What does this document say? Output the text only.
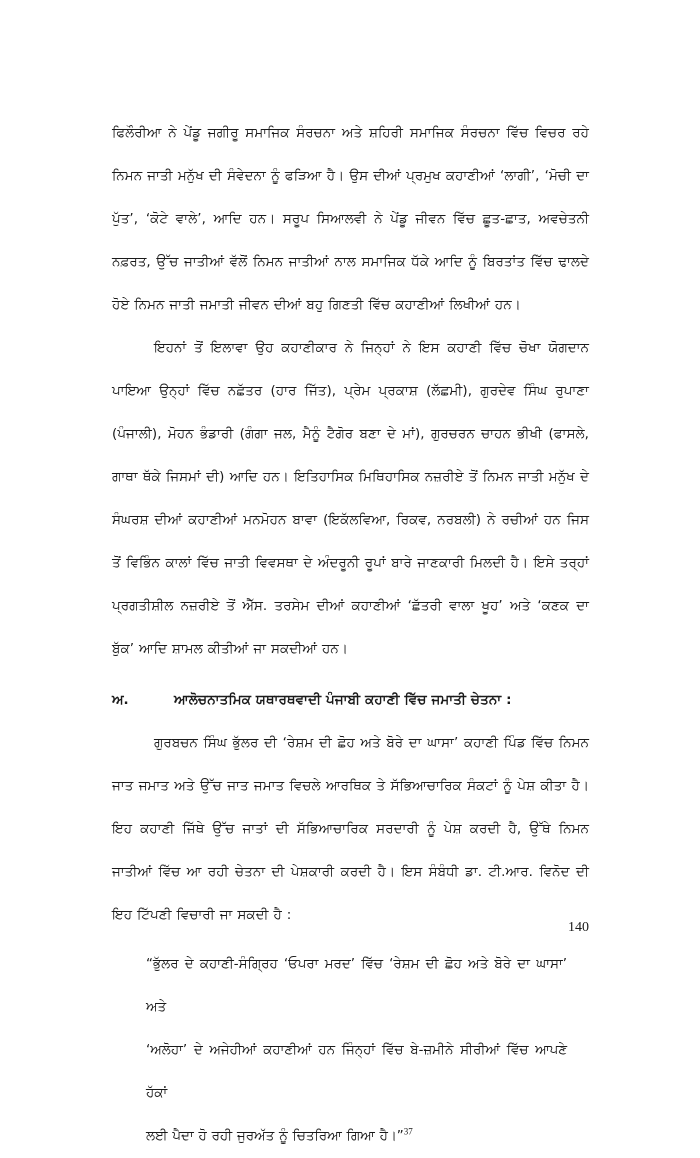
ਫਿਲੌਰੀਆ ਨੇ ਪੇਂਡੂ ਜਗੀਰੂ ਸਮਾਜਿਕ ਸੰਰਚਨਾ ਅਤੇ ਸ਼ਹਿਰੀ ਸਮਾਜਿਕ ਸੰਰਚਨਾ ਵਿੱਚ ਵਿਚਰ ਰਹੇ ਨਿਮਨ ਜਾਤੀ ਮਨੁੱਖ ਦੀ ਸੰਵੇਦਨਾ ਨੂੰ ਫੜਿਆ ਹੈ। ਉਸ ਦੀਆਂ ਪ੍ਰਮੁਖ ਕਹਾਣੀਆਂ ‘ਲਾਗੀ’, ‘ਮੋਚੀ ਦਾ ਪੁੱਤ’, ‘ਕੋਟੇ ਵਾਲੇ’, ਆਦਿ ਹਨ। ਸਰੂਪ ਸਿਆਲਵੀ ਨੇ ਪੇਂਡੂ ਜੀਵਨ ਵਿੱਚ ਛੂਤ-ਛਾਤ, ਅਵਚੇਤਨੀ ਨਫ਼ਰਤ, ਉੱਚ ਜਾਤੀਆਂ ਵੱਲੋਂ ਨਿਮਨ ਜਾਤੀਆਂ ਨਾਲ ਸਮਾਜਿਕ ਧੱਕੇ ਆਦਿ ਨੂੰ ਬਿਰਤਾਂਤ ਵਿੱਚ ਢਾਲਦੇ ਹੋਏ ਨਿਮਨ ਜਾਤੀ ਜਮਾਤੀ ਜੀਵਨ ਦੀਆਂ ਬਹੁ ਗਿਣਤੀ ਵਿੱਚ ਕਹਾਣੀਆਂ ਲਿਖੀਆਂ ਹਨ।

ਇਹਨਾਂ ਤੋਂ ਇਲਾਵਾ ਉਹ ਕਹਾਣੀਕਾਰ ਨੇ ਜਿਨ੍ਹਾਂ ਨੇ ਇਸ ਕਹਾਣੀ ਵਿੱਚ ਚੋਖਾ ਯੋਗਦਾਨ ਪਾਇਆ ਉਨ੍ਹਾਂ ਵਿੱਚ ਨਛੱਤਰ (ਹਾਰ ਜਿੱਤ), ਪ੍ਰੇਮ ਪ੍ਰਕਾਸ਼ (ਲੱਛਮੀ), ਗੁਰਦੇਵ ਸਿੰਘ ਰੁਪਾਣਾ (ਪੰਜਾਲੀ), ਮੋਹਨ ਭੰਡਾਰੀ (ਗੰਗਾ ਜਲ, ਮੈਨੂੰ ਟੈਗੋਰ ਬਣਾ ਦੇ ਮਾਂ), ਗੁਰਚਰਨ ਚਾਹਨ ਭੀਖੀ (ਫਾਸਲੇ, ਗਾਥਾ ਥੱਕੇ ਜਿਸਮਾਂ ਦੀ) ਆਦਿ ਹਨ। ਇਤਿਹਾਸਿਕ ਮਿਥਿਹਾਸਿਕ ਨਜ਼ਰੀਏ ਤੋਂ ਨਿਮਨ ਜਾਤੀ ਮਨੁੱਖ ਦੇ ਸੰਘਰਸ਼ ਦੀਆਂ ਕਹਾਣੀਆਂ ਮਨਮੋਹਨ ਬਾਵਾ (ਇਕੱਲਵਿਆ, ਰਿਕਵ, ਨਰਬਲੀ) ਨੇ ਰਚੀਆਂ ਹਨ ਜਿਸ ਤੋਂ ਵਿਭਿੰਨ ਕਾਲਾਂ ਵਿੱਚ ਜਾਤੀ ਵਿਵਸਥਾ ਦੇ ਅੰਦਰੂਨੀ ਰੂਪਾਂ ਬਾਰੇ ਜਾਣਕਾਰੀ ਮਿਲਦੀ ਹੈ। ਇਸੇ ਤਰ੍ਹਾਂ ਪ੍ਰਗਤੀਸ਼ੀਲ ਨਜ਼ਰੀਏ ਤੋਂ ਐੱਸ. ਤਰਸੇਮ ਦੀਆਂ ਕਹਾਣੀਆਂ ‘ਛੱਤਰੀ ਵਾਲਾ ਖੂਹ’ ਅਤੇ ‘ਕਣਕ ਦਾ ਬੁੱਕ’ ਆਦਿ ਸ਼ਾਮਲ ਕੀਤੀਆਂ ਜਾ ਸਕਦੀਆਂ ਹਨ।

ਅ.	ਆਲੋਚਨਾਤਮਿਕ ਯਥਾਰਥਵਾਦੀ ਪੰਜਾਬੀ ਕਹਾਣੀ ਵਿੱਚ ਜਮਾਤੀ ਚੇਤਨਾ :

ਗੁਰਬਚਨ ਸਿੰਘ ਭੁੱਲਰ ਦੀ ‘ਰੇਸ਼ਮ ਦੀ ਛੋਹ ਅਤੇ ਬੋਰੇ ਦਾ ਘਾਸਾ’ ਕਹਾਣੀ ਪਿੰਡ ਵਿੱਚ ਨਿਮਨ ਜਾਤ ਜਮਾਤ ਅਤੇ ਉੱਚ ਜਾਤ ਜਮਾਤ ਵਿਚਲੇ ਆਰਥਿਕ ਤੇ ਸੱਭਿਆਚਾਰਿਕ ਸੰਕਟਾਂ ਨੂੰ ਪੇਸ਼ ਕੀਤਾ ਹੈ। ਇਹ ਕਹਾਣੀ ਜਿੱਥੇ ਉੱਚ ਜਾਤਾਂ ਦੀ ਸੱਭਿਆਚਾਰਿਕ ਸਰਦਾਰੀ ਨੂੰ ਪੇਸ਼ ਕਰਦੀ ਹੈ, ਉੱਥੇ ਨਿਮਨ ਜਾਤੀਆਂ ਵਿੱਚ ਆ ਰਹੀ ਚੇਤਨਾ ਦੀ ਪੇਸ਼ਕਾਰੀ ਕਰਦੀ ਹੈ। ਇਸ ਸੰਬੰਧੀ ਡਾ. ਟੀ.ਆਰ. ਵਿਨੋਦ ਦੀ ਇਹ ਟਿੱਪਣੀ ਵਿਚਾਰੀ ਜਾ ਸਕਦੀ ਹੈ :

“ਭੁੱਲਰ ਦੇ ਕਹਾਣੀ-ਸੰਗ੍ਰਿਹ ‘ਓਪਰਾ ਮਰਦ’ ਵਿੱਚ ‘ਰੇਸ਼ਮ ਦੀ ਛੋਹ ਅਤੇ ਬੋਰੇ ਦਾ ਘਾਸਾ’ ਅਤੇ
‘ਅਲੋਹਾ’ ਦੇ ਅਜੇਹੀਆਂ ਕਹਾਣੀਆਂ ਹਨ ਜਿੰਨ੍ਹਾਂ ਵਿੱਚ ਬੇ-ਜ਼ਮੀਨੇ ਸੀਰੀਆਂ ਵਿੱਚ ਆਪਣੇ ਹੱਕਾਂ
ਲਈ ਪੈਦਾ ਹੋ ਰਹੀ ਜੁਰਅੱਤ ਨੂੰ ਚਿਤਰਿਆ ਗਿਆ ਹੈ।”$^{37}$
140
